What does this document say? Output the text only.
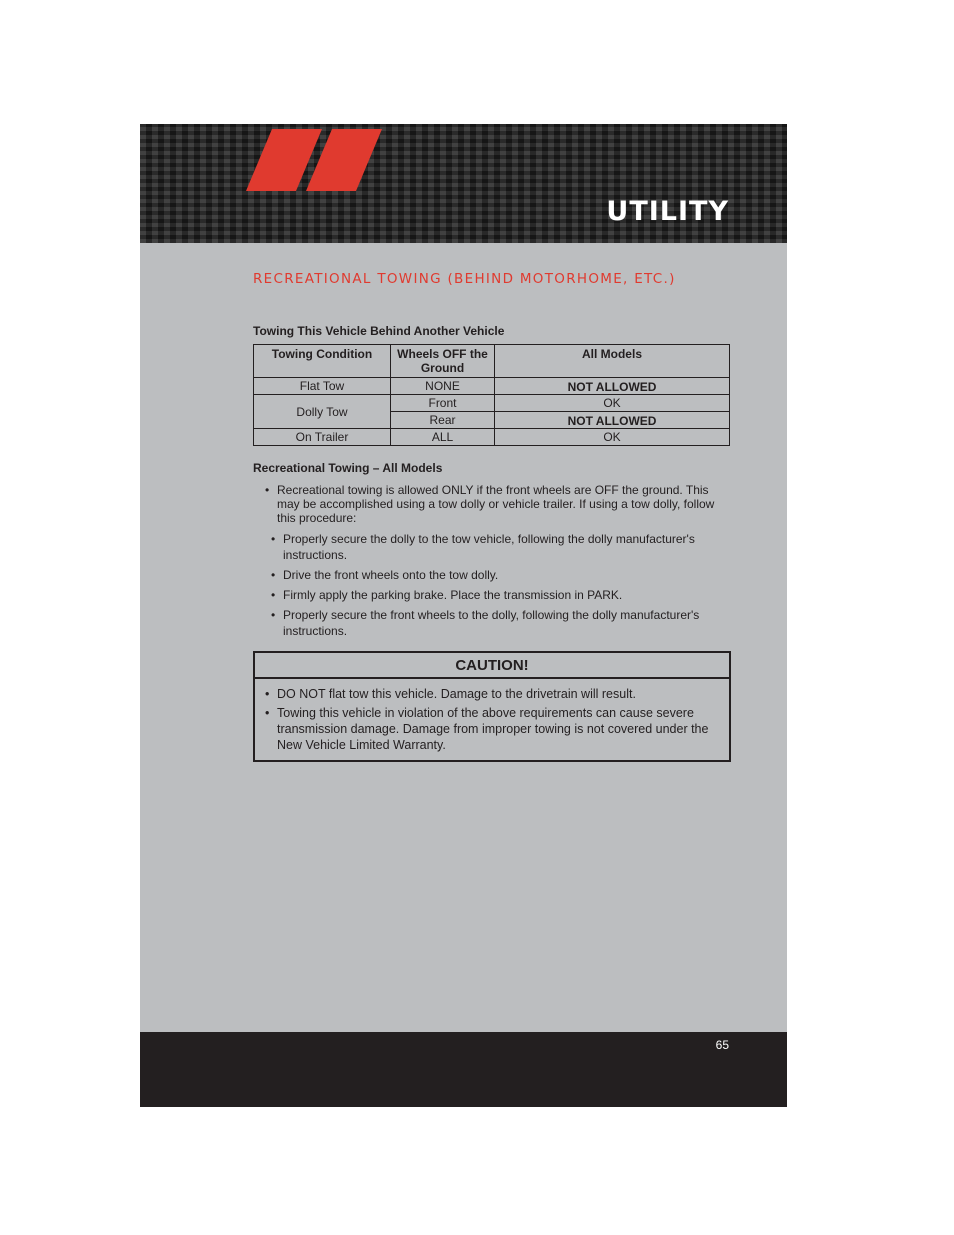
UTILITY
RECREATIONAL TOWING (BEHIND MOTORHOME, ETC.)
Towing This Vehicle Behind Another Vehicle
Towing Condition	Wheels OFF the Ground	All Models
Flat Tow	NONE	NOT ALLOWED
Dolly Tow	Front	OK
	Rear	NOT ALLOWED
On Trailer	ALL	OK
Recreational Towing – All Models
• Recreational towing is allowed ONLY if the front wheels are OFF the ground. This may be accomplished using a tow dolly or vehicle trailer. If using a tow dolly, follow this procedure:
• Properly secure the dolly to the tow vehicle, following the dolly manufacturer's instructions.
• Drive the front wheels onto the tow dolly.
• Firmly apply the parking brake. Place the transmission in PARK.
• Properly secure the front wheels to the dolly, following the dolly manufacturer's instructions.
CAUTION!
• DO NOT flat tow this vehicle. Damage to the drivetrain will result.
• Towing this vehicle in violation of the above requirements can cause severe transmission damage. Damage from improper towing is not covered under the New Vehicle Limited Warranty.
65
